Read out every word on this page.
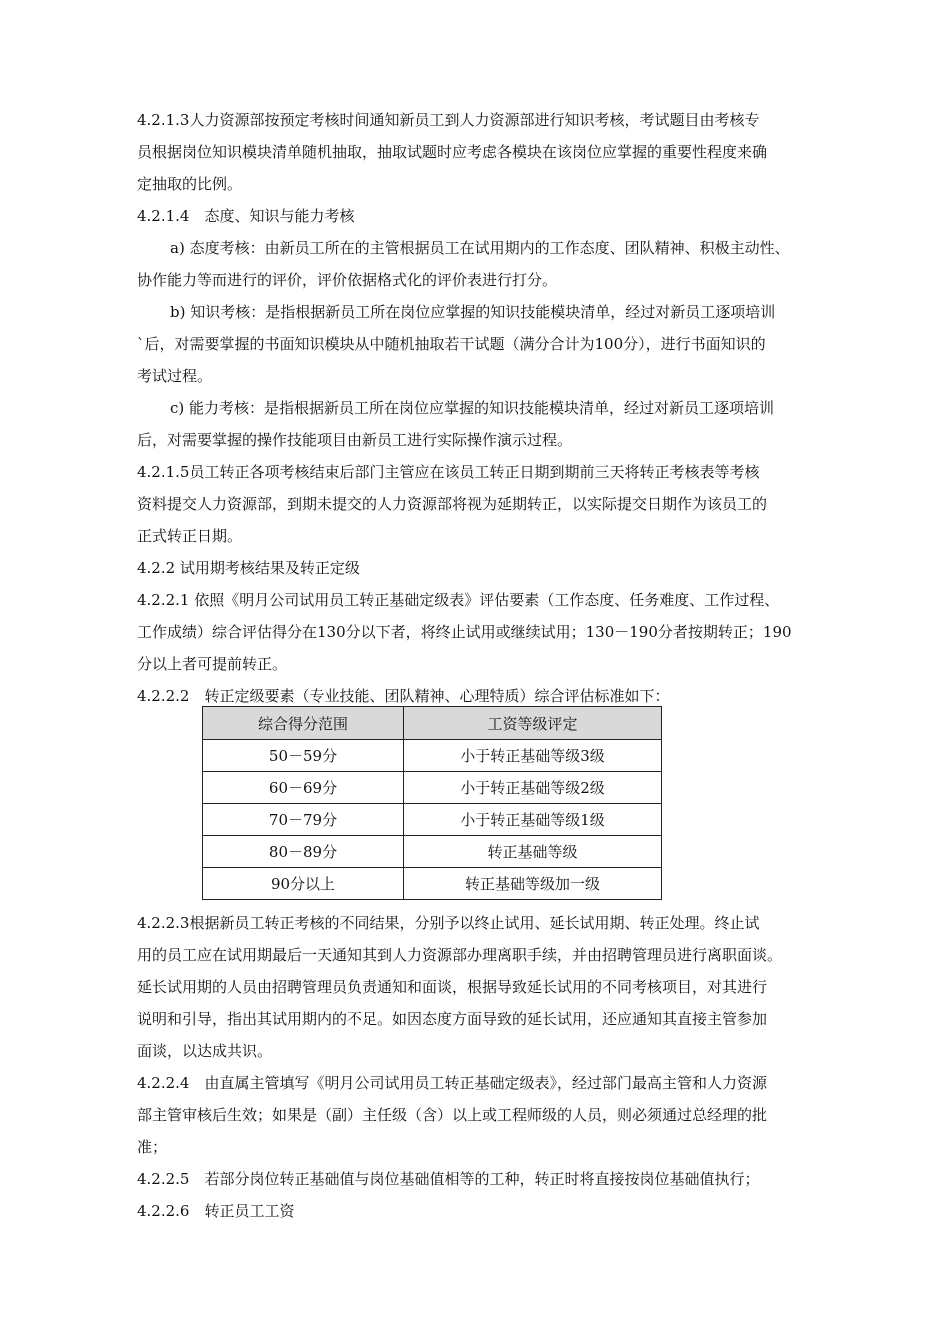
4.2.1.3人力资源部按预定考核时间通知新员工到人力资源部进行知识考核，考试题目由考核专
员根据岗位知识模块清单随机抽取，抽取试题时应考虑各模块在该岗位应掌握的重要性程度来确
定抽取的比例。
4.2.1.4　态度、知识与能力考核
a) 态度考核：由新员工所在的主管根据员工在试用期内的工作态度、团队精神、积极主动性、
协作能力等而进行的评价，评价依据格式化的评价表进行打分。
b) 知识考核：是指根据新员工所在岗位应掌握的知识技能模块清单，经过对新员工逐项培训
`后，对需要掌握的书面知识模块从中随机抽取若干试题（满分合计为100分），进行书面知识的
考试过程。
c) 能力考核：是指根据新员工所在岗位应掌握的知识技能模块清单，经过对新员工逐项培训
后，对需要掌握的操作技能项目由新员工进行实际操作演示过程。
4.2.1.5员工转正各项考核结束后部门主管应在该员工转正日期到期前三天将转正考核表等考核
资料提交人力资源部，到期未提交的人力资源部将视为延期转正，以实际提交日期作为该员工的
正式转正日期。
4.2.2 试用期考核结果及转正定级
4.2.2.1 依照《明月公司试用员工转正基础定级表》评估要素（工作态度、任务难度、工作过程、
工作成绩）综合评估得分在130分以下者，将终止试用或继续试用；130－190分者按期转正；190
分以上者可提前转正。
4.2.2.2　转正定级要素（专业技能、团队精神、心理特质）综合评估标准如下：
综合得分范围	工资等级评定
50－59分	小于转正基础等级3级
60－69分	小于转正基础等级2级
70－79分	小于转正基础等级1级
80－89分	转正基础等级
90分以上	转正基础等级加一级
4.2.2.3根据新员工转正考核的不同结果，分别予以终止试用、延长试用期、转正处理。终止试
用的员工应在试用期最后一天通知其到人力资源部办理离职手续，并由招聘管理员进行离职面谈。
延长试用期的人员由招聘管理员负责通知和面谈，根据导致延长试用的不同考核项目，对其进行
说明和引导，指出其试用期内的不足。如因态度方面导致的延长试用，还应通知其直接主管参加
面谈，以达成共识。
4.2.2.4　由直属主管填写《明月公司试用员工转正基础定级表》，经过部门最高主管和人力资源
部主管审核后生效；如果是（副）主任级（含）以上或工程师级的人员，则必须通过总经理的批
准；
4.2.2.5　若部分岗位转正基础值与岗位基础值相等的工种，转正时将直接按岗位基础值执行；
4.2.2.6　转正员工工资
